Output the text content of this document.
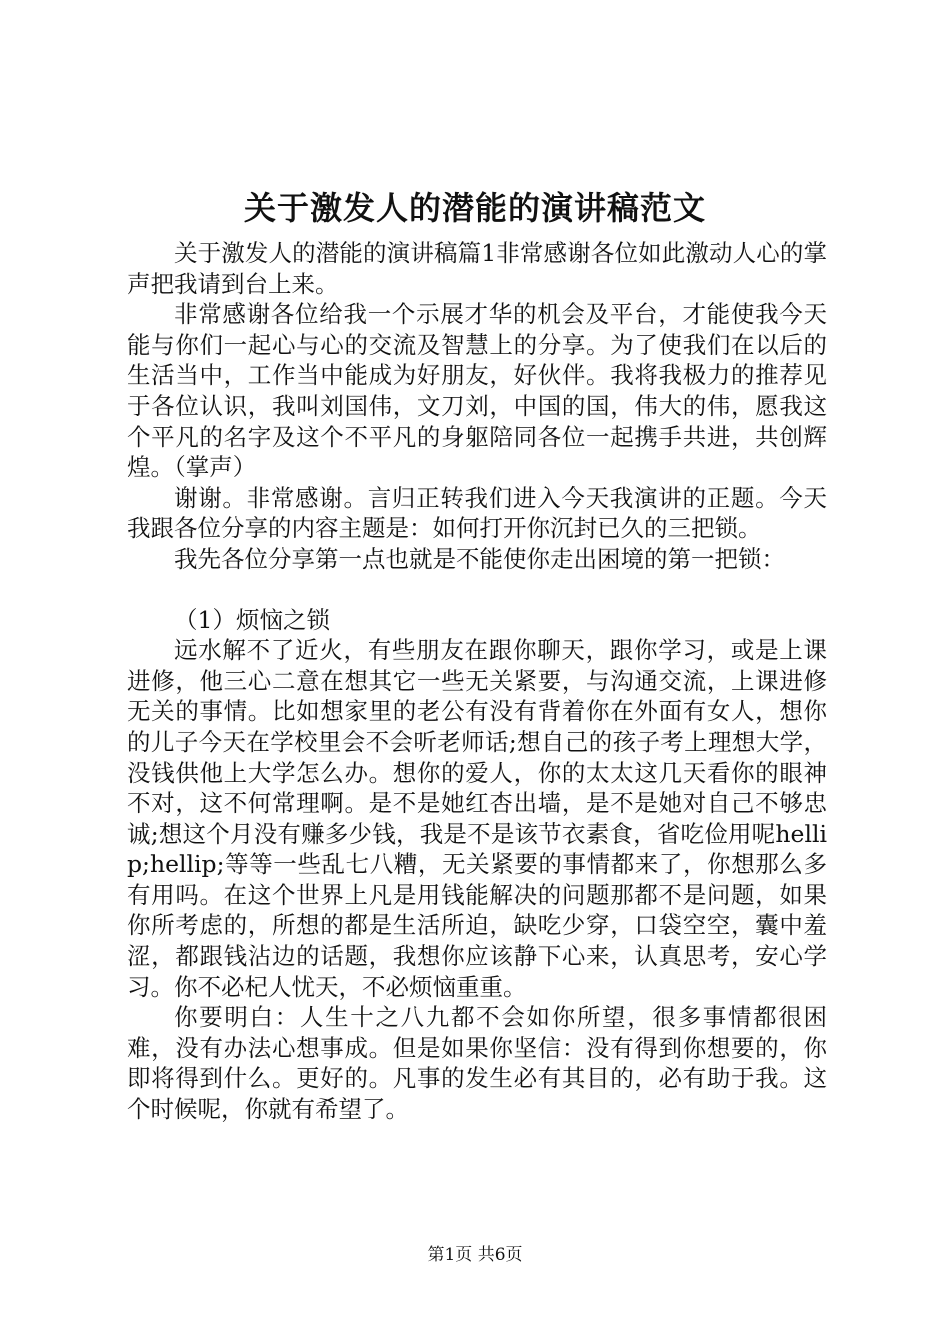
关于激发人的潜能的演讲稿范文

关于激发人的潜能的演讲稿篇1非常感谢各位如此激动人心的掌声把我请到台上来。

非常感谢各位给我一个示展才华的机会及平台，才能使我今天能与你们一起心与心的交流及智慧上的分享。为了使我们在以后的生活当中，工作当中能成为好朋友，好伙伴。我将我极力的推荐见于各位认识，我叫刘国伟，文刀刘，中国的国，伟大的伟，愿我这个平凡的名字及这个不平凡的身躯陪同各位一起携手共进，共创辉煌。（掌声）

谢谢。非常感谢。言归正转我们进入今天我演讲的正题。今天我跟各位分享的内容主题是：如何打开你沉封已久的三把锁。

我先各位分享第一点也就是不能使你走出困境的第一把锁：

（1）烦恼之锁

远水解不了近火，有些朋友在跟你聊天，跟你学习，或是上课进修，他三心二意在想其它一些无关紧要，与沟通交流，上课进修无关的事情。比如想家里的老公有没有背着你在外面有女人，想你的儿子今天在学校里会不会听老师话;想自己的孩子考上理想大学，没钱供他上大学怎么办。想你的爱人，你的太太这几天看你的眼神不对，这不何常理啊。是不是她红杏出墙，是不是她对自己不够忠诚;想这个月没有赚多少钱，我是不是该节衣素食，省吃俭用呢hellip;hellip;等等一些乱七八糟，无关紧要的事情都来了，你想那么多有用吗。在这个世界上凡是用钱能解决的问题那都不是问题，如果你所考虑的，所想的都是生活所迫，缺吃少穿，口袋空空，囊中羞涩，都跟钱沾边的话题，我想你应该静下心来，认真思考，安心学习。你不必杞人忧天，不必烦恼重重。

你要明白：人生十之八九都不会如你所望，很多事情都很困难，没有办法心想事成。但是如果你坚信：没有得到你想要的，你即将得到什么。更好的。凡事的发生必有其目的，必有助于我。这个时候呢，你就有希望了。

第1页 共6页
